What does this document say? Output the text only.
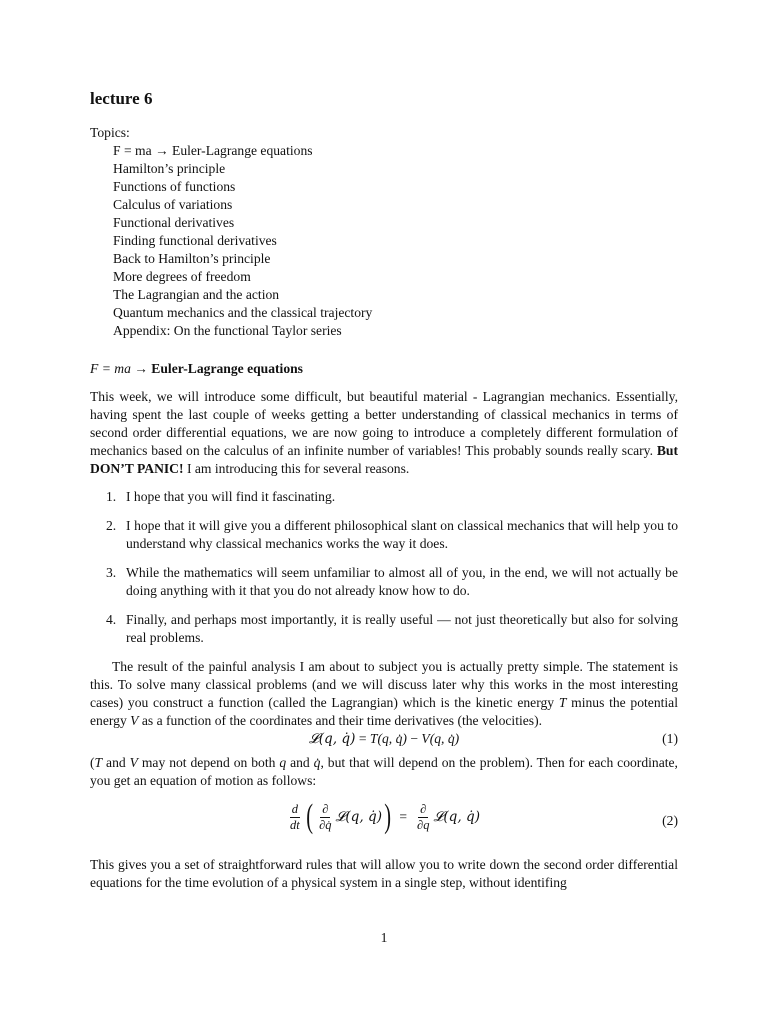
lecture 6

Topics:

F = ma → Euler-Lagrange equations
Hamilton’s principle
Functions of functions
Calculus of variations
Functional derivatives
Finding functional derivatives
Back to Hamilton’s principle
More degrees of freedom
The Lagrangian and the action
Quantum mechanics and the classical trajectory
Appendix: On the functional Taylor series
F = ma → Euler-Lagrange equations

This week, we will introduce some difficult, but beautiful material - Lagrangian mechanics. Essentially, having spent the last couple of weeks getting a better understanding of classical mechanics in terms of second order differential equations, we are now going to introduce a completely different formulation of mechanics based on the calculus of an infinite number of variables! This probably sounds really scary. But DON’T PANIC! I am introducing this for several reasons.

1. I hope that you will find it fascinating.
2. I hope that it will give you a different philosophical slant on classical mechanics that will help you to understand why classical mechanics works the way it does.
3. While the mathematics will seem unfamiliar to almost all of you, in the end, we will not actually be doing anything with it that you do not already know how to do.
4. Finally, and perhaps most importantly, it is really useful — not just theoretically but also for solving real problems.

The result of the painful analysis I am about to subject you is actually pretty simple. The statement is this. To solve many classical problems (and we will discuss later why this works in the most interesting cases) you construct a function (called the Lagrangian) which is the kinetic energy T minus the potential energy V as a function of the coordinates and their time derivatives (the velocities).

𝓛(q, q̇) = T(q, q̇) − V(q, q̇)	(1)

(T and V may not depend on both q and q̇, but that will depend on the problem). Then for each coordinate, you get an equation of motion as follows:

$\frac{d}{dt}$ ( $\frac{\partial}{\partial q̇}$ 𝓛(q, q̇) ) = $\frac{\partial}{\partial q}$ 𝓛(q, q̇)	(2)

This gives you a set of straightforward rules that will allow you to write down the second order differential equations for the time evolution of a physical system in a single step, without identifing

1
